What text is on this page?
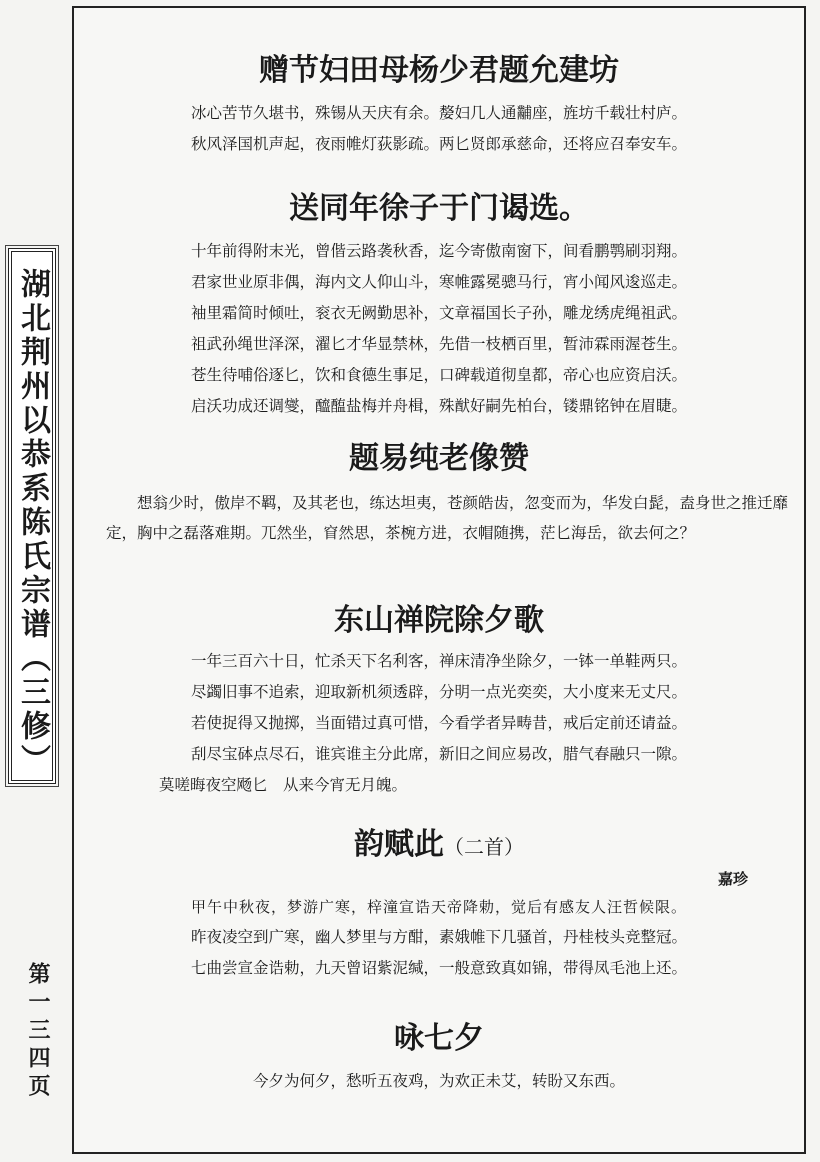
湖北荆州以恭系陈氏宗谱（三修）
第一三四页
赠节妇田母杨少君题允建坊

冰心苦节久堪书，殊锡从天庆有余。嫠妇几人通黼座，旌坊千载壮村庐。

秋风泽国机声起，夜雨帷灯荻影疏。两匕贤郎承慈命，还将应召奉安车。

送同年徐子于门谒选。

十年前得附末光，曾偕云路袭秋香，迄今寄傲南窗下，间看鹏鹗刷羽翔。

君家世业原非偶，海内文人仰山斗，寒帷露冕骢马行，宵小闻风逡巡走。

袖里霜简时倾吐，衮衣无阙勤思补，文章福国长子孙，雕龙绣虎绳祖武。

祖武孙绳世泽深，濯匕才华显禁林，先借一枝栖百里，暂沛霖雨渥苍生。

苍生待哺俗逐匕，饮和食德生事足，口碑载道彻皇都，帝心也应资启沃。

启沃功成还调燮，醯醢盐梅并舟楫，殊猷好嗣先柏台，镂鼎铭钟在眉睫。

题易纯老像赞

想翁少时，傲岸不羁，及其老也，练达坦夷，苍颜皓齿，忽变而为，华发白髭，盍身世之推迁靡定，胸中之磊落难期。兀然坐，窅然思，茶椀方进，衣帽随携，茫匕海岳，欲去何之？

东山禅院除夕歌

一年三百六十日，忙杀天下名利客，禅床清净坐除夕，一钵一单鞋两只。

尽蠲旧事不追索，迎取新机须透辟，分明一点光奕奕，大小度来无丈尺。

若使捉得又抛掷，当面错过真可惜，今看学者异畴昔，戒后定前还请益。

刮尽宝砵点尽石，谁宾谁主分此席，新旧之间应易改，腊气春融只一隙。

莫嗟晦夜空飏匕　从来今宵无月魄。

韵赋此（二首）

嘉珍

甲午中秋夜，梦游广寒，梓潼宣诰天帝降勅，觉后有感友人汪哲候限。

昨夜凌空到广寒，幽人梦里与方酣，素娥帷下几骚首，丹桂枝头竞整冠。

七曲尝宣金诰勅，九天曾诏紫泥缄，一般意致真如锦，带得凤毛池上还。

咏七夕

今夕为何夕，愁听五夜鸡，为欢正未艾，转盼又东西。
